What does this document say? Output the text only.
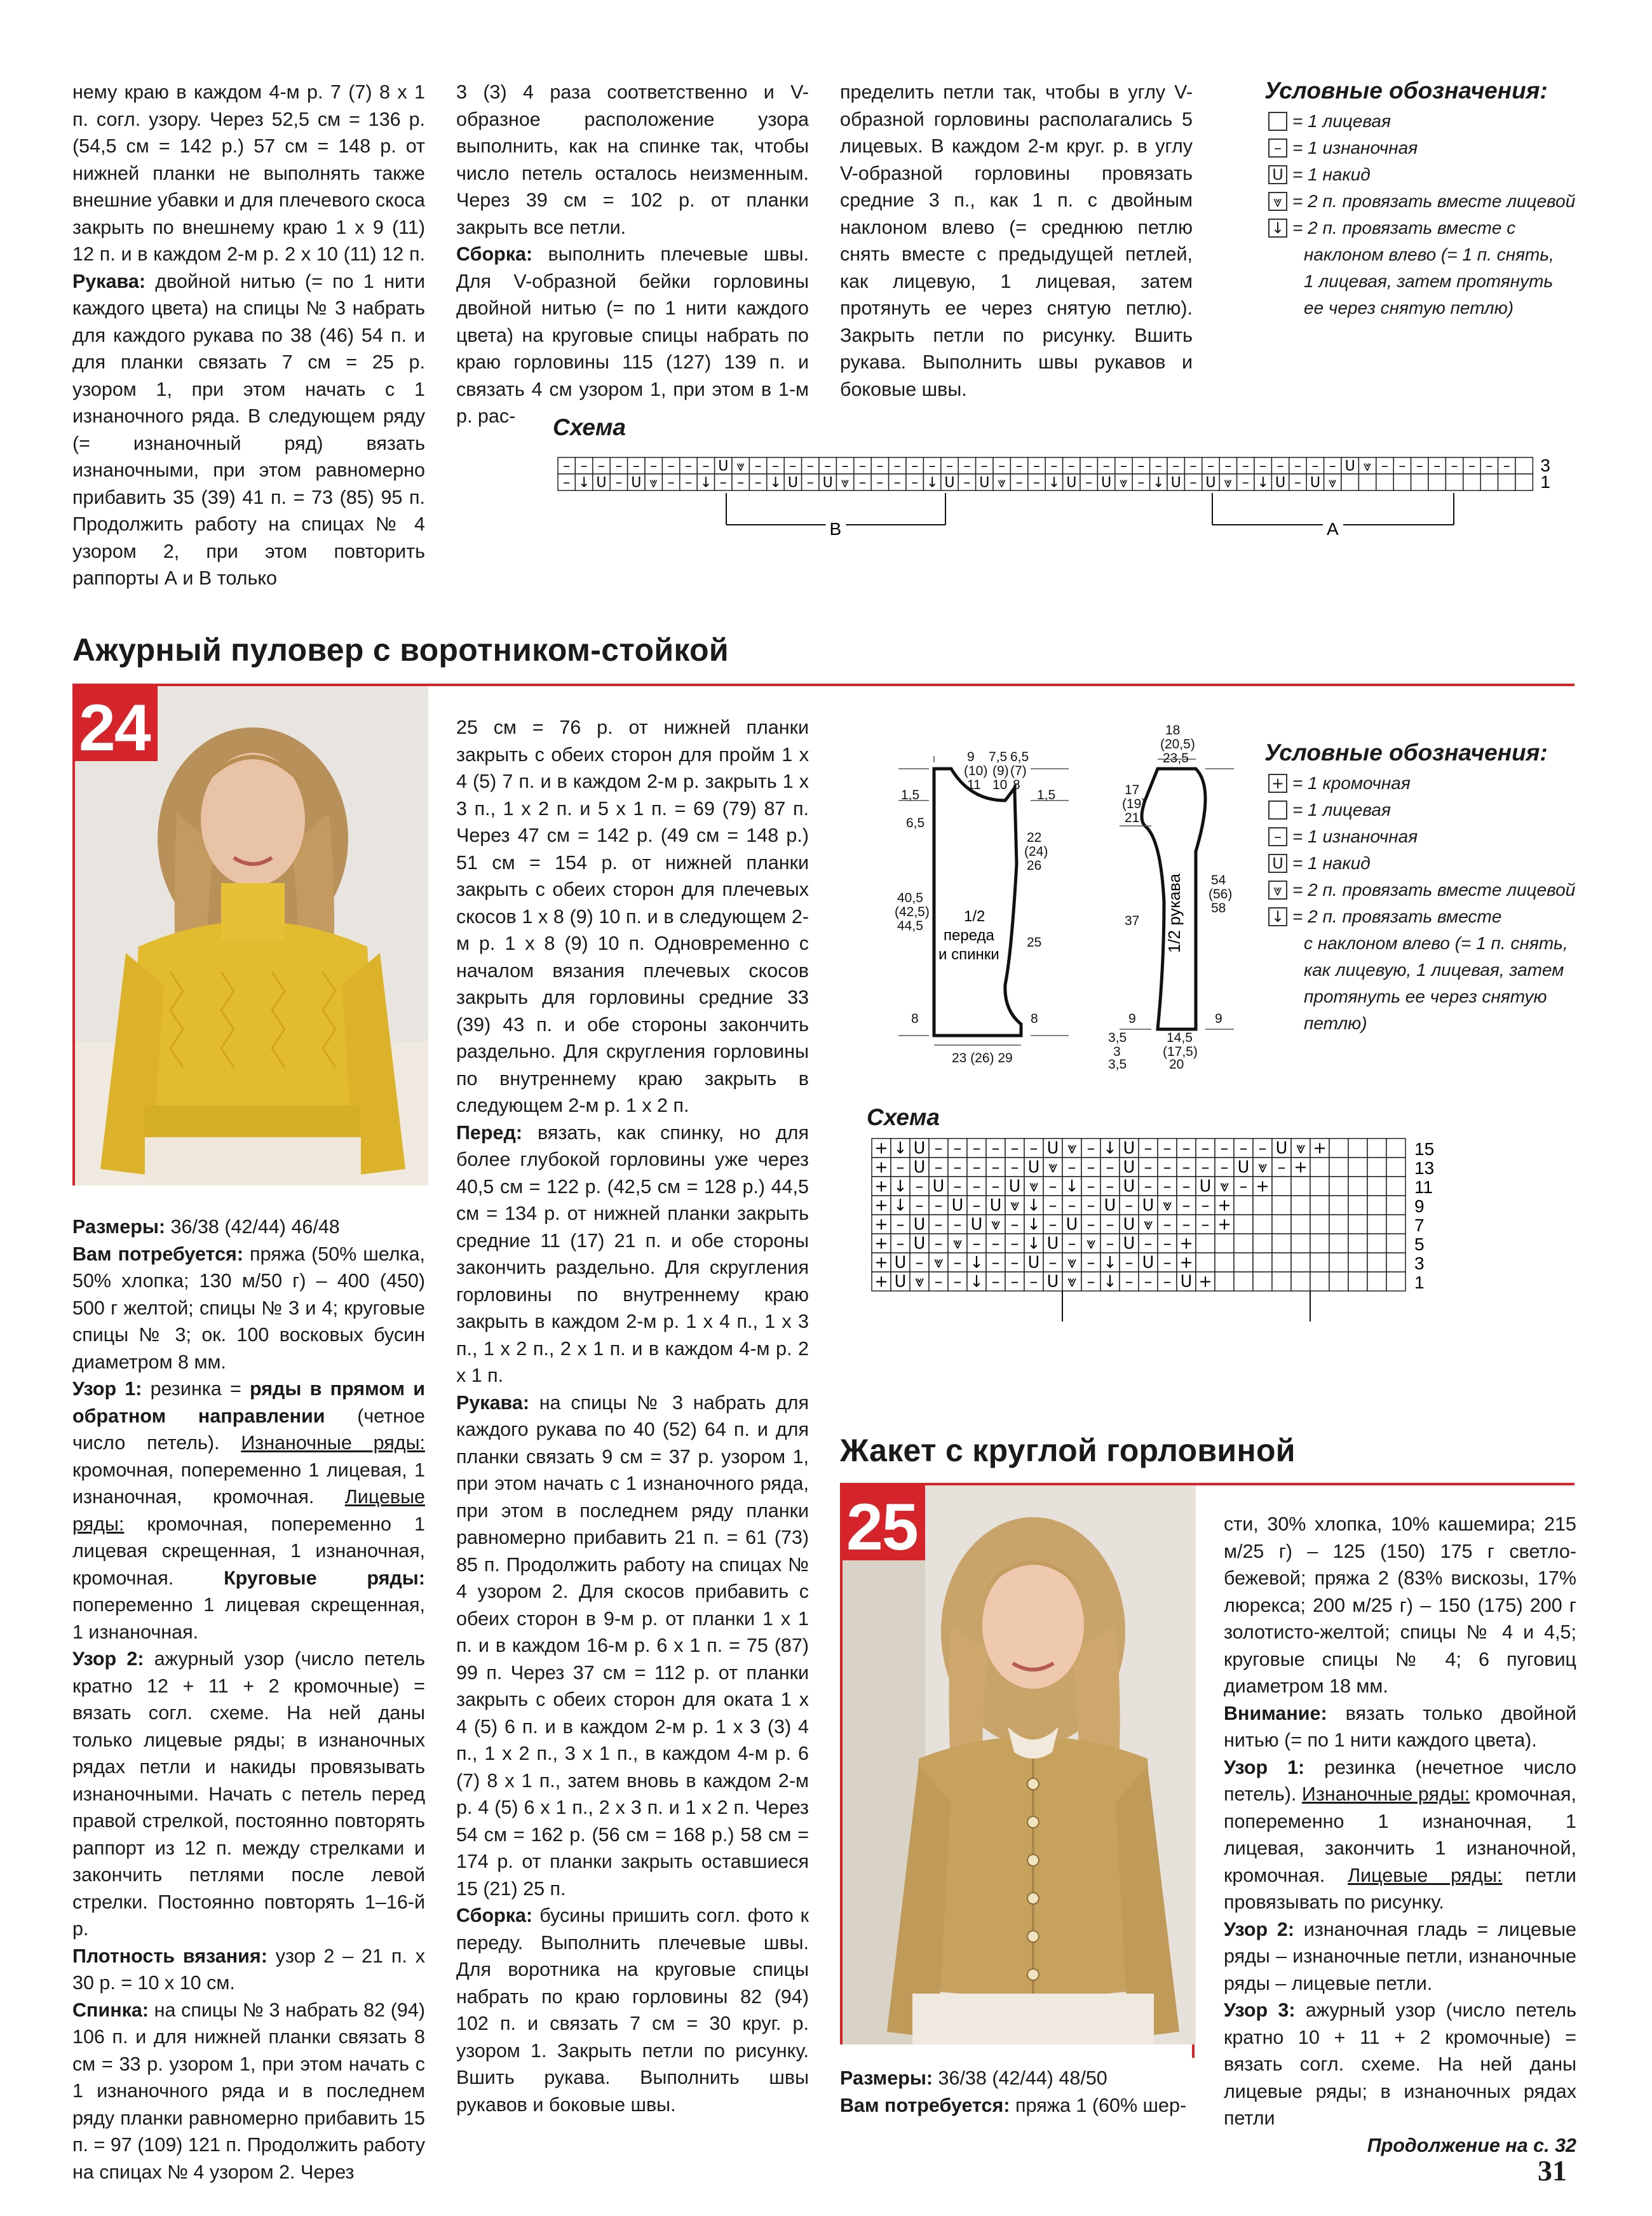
нему краю в каждом 4-м р. 7 (7) 8 х 1 п. согл. узору. Через 52,5 см = 136 р. (54,5 см = 142 р.) 57 см = 148 р. от нижней планки не выполнять также внешние убавки и для плечевого скоса закрыть по внешнему краю 1 х 9 (11) 12 п. и в каждом 2-м р. 2 х 10 (11) 12 п. Рукава: двойной нитью (= по 1 нити каждого цвета) на спицы № 3 набрать для каждого рукава по 38 (46) 54 п. и для планки связать 7 см = 25 р. узором 1, при этом начать с 1 изнаночного ряда. В следующем ряду (= изнаночный ряд) вязать изнаночными, при этом равномерно прибавить 35 (39) 41 п. = 73 (85) 95 п. Продолжить работу на спицах № 4 узором 2, при этом повторить раппорты А и В только

3 (3) 4 раза соответственно и V-образное расположение узора выполнить, как на спинке так, чтобы число петель осталось неизменным. Через 39 см = 102 р. от планки закрыть все петли.

Сборка: выполнить плечевые швы. Для V-образной бейки горловины двойной нитью (= по 1 нити каждого цвета) на круговые спицы набрать по краю горловины 115 (127) 139 п. и связать 4 см узором 1, при этом в 1-м р. рас-

пределить петли так, чтобы в углу V-образной горловины располагались 5 лицевых. В каждом 2-м круг. р. в углу V-образной горловины провязать средние 3 п., как 1 п. с двойным наклоном влево (= среднюю петлю снять вместе с предыдущей петлей, как лицевую, 1 лицевая, затем протянуть ее через снятую петлю). Закрыть петли по рисунку. Вшить рукава. Выполнить швы рукавов и боковые швы.

Условные обозначения:
= 1 лицевая
– = 1 изнаночная
U = 1 накид
⩔ = 2 п. провязать вместе лицевой
↓ = 2 п. провязать вместе с
наклоном влево (= 1 п. снять,
1 лицевая, затем протянуть
ее через снятую петлю)
Схема
– – – – – – – – – U ⩔ – – – – – – – – – – – – – – – – – – – – – – – – – – – – – – – – – – U ⩔ – – – – – – – –
– ↓ U – U ⩔ – – ↓ – – – ↓ U – U ⩔ – – – – ↓ U – U ⩔ – – ↓ U – U ⩔ – ↓ U – U ⩔ – ↓ U – U ⩔
3
1
B	A
Ажурный пуловер с воротником-стойкой
24

Размеры: 36/38 (42/44) 46/48

Вам потребуется: пряжа (50% шелка, 50% хлопка; 130 м/50 г) – 400 (450) 500 г желтой; спицы № 3 и 4; круговые спицы № 3; ок. 100 восковых бусин диаметром 8 мм.

Узор 1: резинка = ряды в прямом и обратном направлении (четное число петель). Изнаночные ряды: кромочная, попеременно 1 лицевая, 1 изнаночная, кромочная. Лицевые ряды: кромочная, попеременно 1 лицевая скрещенная, 1 изнаночная, кромочная.	Круговые ряды: попеременно 1 лицевая скрещенная, 1 изнаночная.

Узор 2: ажурный узор (число петель кратно 12 + 11 + 2 кромочные) = вязать согл. схеме. На ней даны только лицевые ряды; в изнаночных рядах петли и накиды провязывать изнаночными. Начать с петель перед правой стрелкой, постоянно повторять раппорт из 12 п. между стрелками и закончить петлями после левой стрелки. Постоянно повторять 1–16-й р.

Плотность вязания: узор 2 – 21 п. х 30 р. = 10 х 10 см.

Спинка: на спицы № 3 набрать 82 (94) 106 п. и для нижней планки связать 8 см = 33 р. узором 1, при этом начать с 1 изнаночного ряда и в последнем ряду планки равномерно прибавить 15 п. = 97 (109) 121 п. Продолжить работу на спицах № 4 узором 2. Через

25 см = 76 р. от нижней планки закрыть с обеих сторон для пройм 1 х 4 (5) 7 п. и в каждом 2-м р. закрыть 1 х 3 п., 1 х 2 п. и 5 х 1 п. = 69 (79) 87 п. Через 47 см = 142 р. (49 см = 148 р.) 51 см = 154 р. от нижней планки закрыть с обеих сторон для плечевых скосов 1 х 8 (9) 10 п. и в следующем 2-м р. 1 х 8 (9) 10 п. Одновременно с началом вязания плечевых скосов закрыть для горловины средние 33 (39) 43 п. и обе стороны закончить раздельно. Для скругления горловины по внутреннему краю закрыть в следующем 2-м р. 1 х 2 п.

Перед: вязать, как спинку, но для более глубокой горловины уже через 40,5 см = 122 р. (42,5 см = 128 р.) 44,5 см = 134 р. от нижней планки закрыть средние 11 (17) 21 п. и обе стороны закончить раздельно. Для скругления горловины по внутреннему краю закрыть в каждом 2-м р. 1 х 4 п., 1 х 3 п., 1 х 2 п., 2 х 1 п. и в каждом 4-м р. 2 х 1 п.

Рукава: на спицы № 3 набрать для каждого рукава по 40 (52) 64 п. и для планки связать 9 см = 37 р. узором 1, при этом начать с 1 изнаночного ряда, при этом в последнем ряду планки равномерно прибавить 21 п. = 61 (73) 85 п. Продолжить работу на спицах № 4 узором 2. Для скосов прибавить с обеих сторон в 9-м р. от планки 1 х 1 п. и в каждом 16-м р. 6 х 1 п. = 75 (87) 99 п. Через 37 см = 112 р. от планки закрыть с обеих сторон для оката 1 х 4 (5) 6 п. и в каждом 2-м р. 1 х 3 (3) 4 п., 1 х 2 п., 3 х 1 п., в каждом 4-м р. 6 (7) 8 х 1 п., затем вновь в каждом 2-м р. 4 (5) 6 х 1 п., 2 х 3 п. и 1 х 2 п. Через 54 см = 162 р. (56 см = 168 р.) 58 см = 174 р. от планки закрыть оставшиеся 15 (21) 25 п.

Сборка: бусины пришить согл. фото к переду. Выполнить плечевые швы. Для воротника на круговые спицы набрать по краю горловины 82 (94) 102 п. и связать 7 см = 30 круг. р. узором 1. Закрыть петли по рисунку. Вшить рукава. Выполнить швы рукавов и боковые швы.

9
(10)
11
7,5
(9)
10
6,5
(7)
8
1,5
6,5
40,5
(42,5)
44,5
8
1,5
22
(24)
26
25
8
23 (26) 29
1/2 переда и спинки
18
(20,5)
23,5
17
(19)
21
37
9
54
(56)
58
9
3,5
3
3,5
14,5
(17,5)
20
1/2 рукава
Условные обозначения:
+ = 1 кромочная
= 1 лицевая
– = 1 изнаночная
U = 1 накид
⩔ = 2 п. провязать вместе лицевой
↓ = 2 п. провязать вместе
с наклоном влево (= 1 п. снять,
как лицевую, 1 лицевая, затем
протянуть ее через снятую
петлю)
Схема
+ ↓ U – – – – – – U ⩔ – ↓ U – – – – – – – U ⩔ +
+ – U – – – – – U ⩔ – – – U – – – – – U ⩔ – +
+ ↓ – U – – – U ⩔ – ↓ – – U – – – U ⩔ – +
+ ↓ – – U – U ⩔ ↓ – – – U – U ⩔ – – +
+ – U – – U ⩔ – ↓ – U – – U ⩔ – – – +
+ – U – ⩔ – – – ↓ U – ⩔ – U – – +
+ U – ⩔ – ↓ – – U – ⩔ – ↓ – U – +
+ U ⩔ – – ↓ – – – U ⩔ – ↓ – – – U +
15
13
11
9
7
5
3
1
Жакет с круглой горловиной
25

Размеры: 36/38 (42/44) 48/50

Вам потребуется: пряжа 1 (60% шер-

сти, 30% хлопка, 10% кашемира; 215 м/25 г) – 125 (150) 175 г светло-бежевой; пряжа 2 (83% вискозы, 17% люрекса; 200 м/25 г) – 150 (175) 200 г золотисто-желтой; спицы № 4 и 4,5; круговые спицы № 4; 6 пуговиц диаметром 18 мм.

Внимание: вязать только двойной нитью (= по 1 нити каждого цвета).

Узор 1: резинка (нечетное число петель). Изнаночные ряды: кромочная, попеременно 1 изнаночная, 1 лицевая, закончить 1 изнаночной, кромочная. Лицевые ряды: петли провязывать по рисунку.

Узор 2: изнаночная гладь = лицевые ряды – изнаночные петли, изнаночные ряды – лицевые петли.

Узор 3: ажурный узор (число петель кратно 10 + 11 + 2 кромочные) = вязать согл. схеме. На ней даны лицевые ряды; в изнаночных рядах петли

Продолжение на с. 32

31
